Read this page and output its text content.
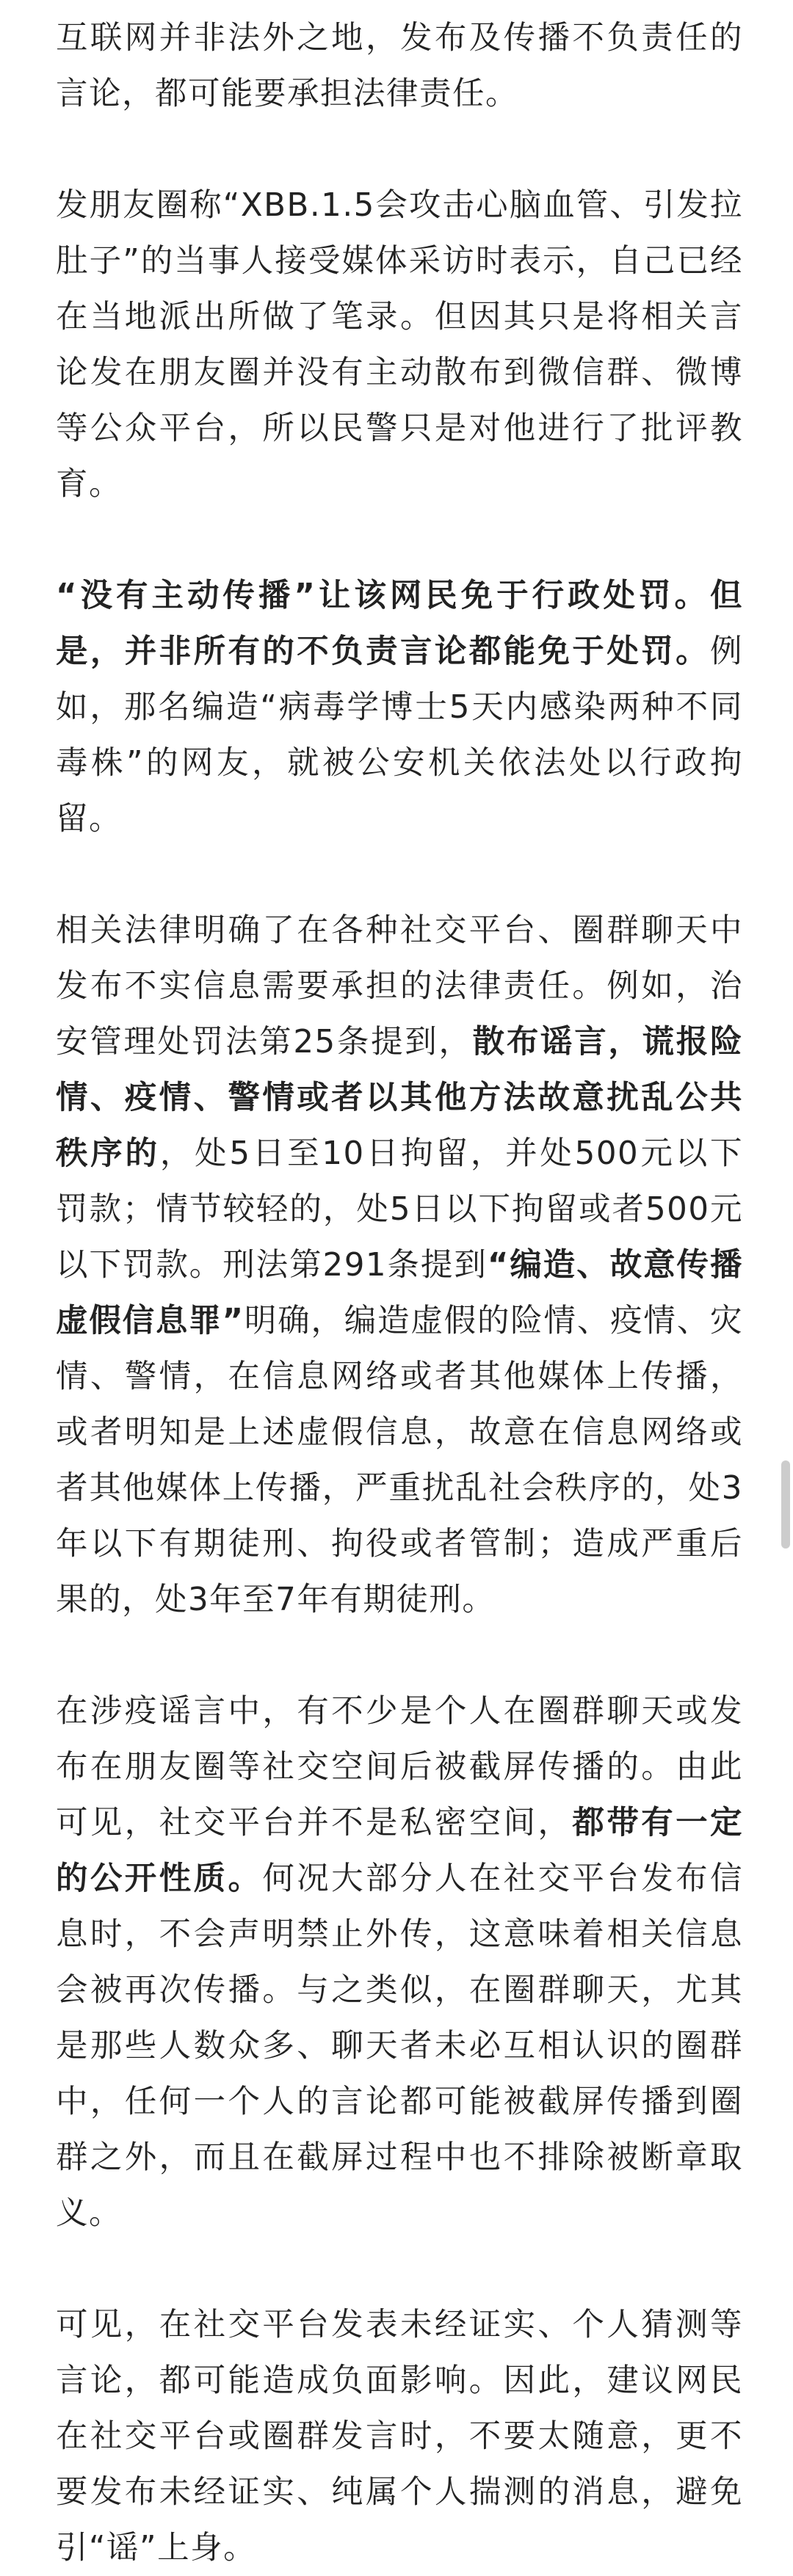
互联网并非法外之地，发布及传播不负责任的言论，都可能要承担法律责任。

发朋友圈称“XBB.1.5会攻击心脑血管、引发拉肚子”的当事人接受媒体采访时表示，自己已经在当地派出所做了笔录。但因其只是将相关言论发在朋友圈并没有主动散布到微信群、微博等公众平台，所以民警只是对他进行了批评教育。

“没有主动传播”让该网民免于行政处罚。但是，并非所有的不负责言论都能免于处罚。例如，那名编造“病毒学博士5天内感染两种不同毒株”的网友，就被公安机关依法处以行政拘留。

相关法律明确了在各种社交平台、圈群聊天中发布不实信息需要承担的法律责任。例如，治安管理处罚法第25条提到，散布谣言，谎报险情、疫情、警情或者以其他方法故意扰乱公共秩序的，处5日至10日拘留，并处500元以下罚款；情节较轻的，处5日以下拘留或者500元以下罚款。刑法第291条提到“编造、故意传播虚假信息罪”明确，编造虚假的险情、疫情、灾情、警情，在信息网络或者其他媒体上传播，或者明知是上述虚假信息，故意在信息网络或者其他媒体上传播，严重扰乱社会秩序的，处3年以下有期徒刑、拘役或者管制；造成严重后果的，处3年至7年有期徒刑。

在涉疫谣言中，有不少是个人在圈群聊天或发布在朋友圈等社交空间后被截屏传播的。由此可见，社交平台并不是私密空间，都带有一定的公开性质。何况大部分人在社交平台发布信息时，不会声明禁止外传，这意味着相关信息会被再次传播。与之类似，在圈群聊天，尤其是那些人数众多、聊天者未必互相认识的圈群中，任何一个人的言论都可能被截屏传播到圈群之外，而且在截屏过程中也不排除被断章取义。

可见，在社交平台发表未经证实、个人猜测等言论，都可能造成负面影响。因此，建议网民在社交平台或圈群发言时，不要太随意，更不要发布未经证实、纯属个人揣测的消息，避免引“谣”上身。
